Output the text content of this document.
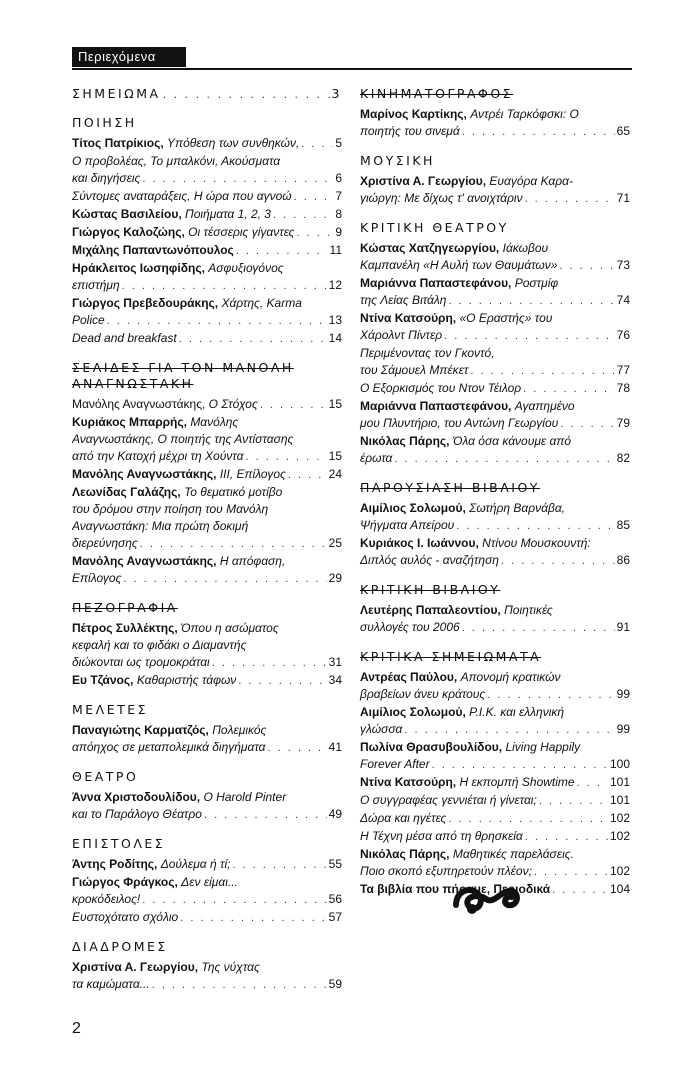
Περιεχόμενα
ΣΗΜΕΙΩΜΑ . . .	3
ΠΟΙΗΣΗ
Τίτος Πατρίκιος, Υπόθεση των συνθηκών, . . .	5
Ο προβολέας, Το μπαλκόνι, Ακούσματα
και διηγήσεις . . .	6
Σύντομες αναταράξεις, Η ώρα που αγνοώ . . .	7
Κώστας Βασιλείου, Ποιήματα 1, 2, 3 . . .	8
Γιώργος Καλοζώης, Οι τέσσερις γίγαντες . . .	9
Μιχάλης Παπαντωνόπουλος . . .	11
Ηράκλειτος Ιωσηφίδης, Ασφυξιογόνος
επιστήμη . . .	12
Γιώργος Πρεβεδουράκης, Χάρτης, Karma
Police . . .	13
Dead and breakfast . . .	14
ΣΕΛΙΔΕΣ ΓΙΑ ΤΟΝ ΜΑΝΟΛΗ ΑΝΑΓΝΩΣΤΑΚΗ
Μανόλης Αναγνωστάκης, Ο Στόχος . . .	15
Κυριάκος Μπαρρής, Μανόλης
Αναγνωστάκης, Ο ποιητής της Αντίστασης
από την Κατοχή μέχρι τη Χούντα . . .	15
Μανόλης Αναγνωστάκης, III, Επίλογος . . .	24
Λεωνίδας Γαλάζης, Το θεματικό μοτίβο
του δρόμου στην ποίηση του Μανόλη
Αναγνωστάκη: Μια πρώτη δοκιμή
διερεύνησης . . .	25
Μανόλης Αναγνωστάκης, Η απόφαση,
Επίλογος . . .	29
ΠΕΖΟΓΡΑΦΙΑ
Πέτρος Συλλέκτης, Όπου η ασώματος
κεφαλή και το φιδάκι ο Διαμαντής
διώκονται ως τρομοκράται . . .	31
Ευ Τζάνος, Καθαριστής τάφων . . .	34
ΜΕΛΕΤΕΣ
Παναγιώτης Καρματζός, Πολεμικός
απόηχος σε μεταπολεμικά διηγήματα . . .	41
ΘΕΑΤΡΟ
Άννα Χριστοδουλίδου, Ο Harold Pinter
και το Παράλογο Θέατρο . . .	49
ΕΠΙΣΤΟΛΕΣ
Άντης Ροδίτης, Δούλεμα ή τί; . . .	55
Γιώργος Φράγκος, Δεν είμαι...
κροκόδειλος! . . .	56
Ευστοχότατο σχόλιο . . .	57
ΔΙΑΔΡΟΜΕΣ
Χριστίνα Α. Γεωργίου, Της νύχτας
τα καμώματα... . . .	59
ΚΙΝΗΜΑΤΟΓΡΑΦΟΣ
Μαρίνος Καρτίκης, Αντρέι Ταρκόφσκι: Ο
ποιητής του σινεμά . . .	65
ΜΟΥΣΙΚΗ
Χριστίνα Α. Γεωργίου, Ευαγόρα Καρα-
γιώργη: Με δίχως τ' ανοιχτάριν . . .	71
ΚΡΙΤΙΚΗ ΘΕΑΤΡΟΥ
Κώστας Χατζηγεωργίου, Ιάκωβου
Καμπανέλη «Η Αυλή των Θαυμάτων» . . .	73
Μαριάννα Παπαστεφάνου, Ροστμίφ
της Λείας Βιτάλη . . .	74
Ντίνα Κατσούρη, «Ο Εραστής» του
Χάρολντ Πίντερ . . .	76
Περιμένοντας τον Γκοντό,
του Σάμουελ Μπέκετ . . .	77
Ο Εξορκισμός του Ντον Τέιλορ . . .	78
Μαριάννα Παπαστεφάνου, Αγαπημένο
μου Πλυντήριο, του Αντώνη Γεωργίου . . .	79
Νικόλας Πάρης, Όλα όσα κάνουμε από
έρωτα . . .	82
ΠΑΡΟΥΣΙΑΣΗ ΒΙΒΛΙΟΥ
Αιμίλιος Σολωμού, Σωτήρη Βαρνάβα,
Ψήγματα Απείρου . . .	85
Κυριάκος Ι. Ιωάννου, Ντίνου Μουσκουντή:
Διπλός αυλός - αναζήτηση . . .	86
ΚΡΙΤΙΚΗ ΒΙΒΛΙΟΥ
Λευτέρης Παπαλεοντίου, Ποιητικές
συλλογές του 2006 . . .	91
ΚΡΙΤΙΚΑ ΣΗΜΕΙΩΜΑΤΑ
Αντρέας Παύλου, Απονομή κρατικών
βραβείων άνευ κράτους . . .	99
Αιμίλιος Σολωμού, Ρ.Ι.Κ. και ελληνική
γλώσσα . . .	99
Πωλίνα Θρασυβουλίδου, Living Happily
Forever After . . .	100
Ντίνα Κατσούρη, Η εκπομπή Showtime . . .	101
Ο συγγραφέας γεννιέται ή γίνεται; . . .	101
Δώρα και ηγέτες . . .	102
Η Τέχνη μέσα από τη θρησκεία . . .	102
Νικόλας Πάρης, Μαθητικές παρελάσεις.
Ποιο σκοπό εξυπηρετούν πλέον; . . .	102
Τα βιβλία που πήραμε, Περιοδικά . . .	104
2
